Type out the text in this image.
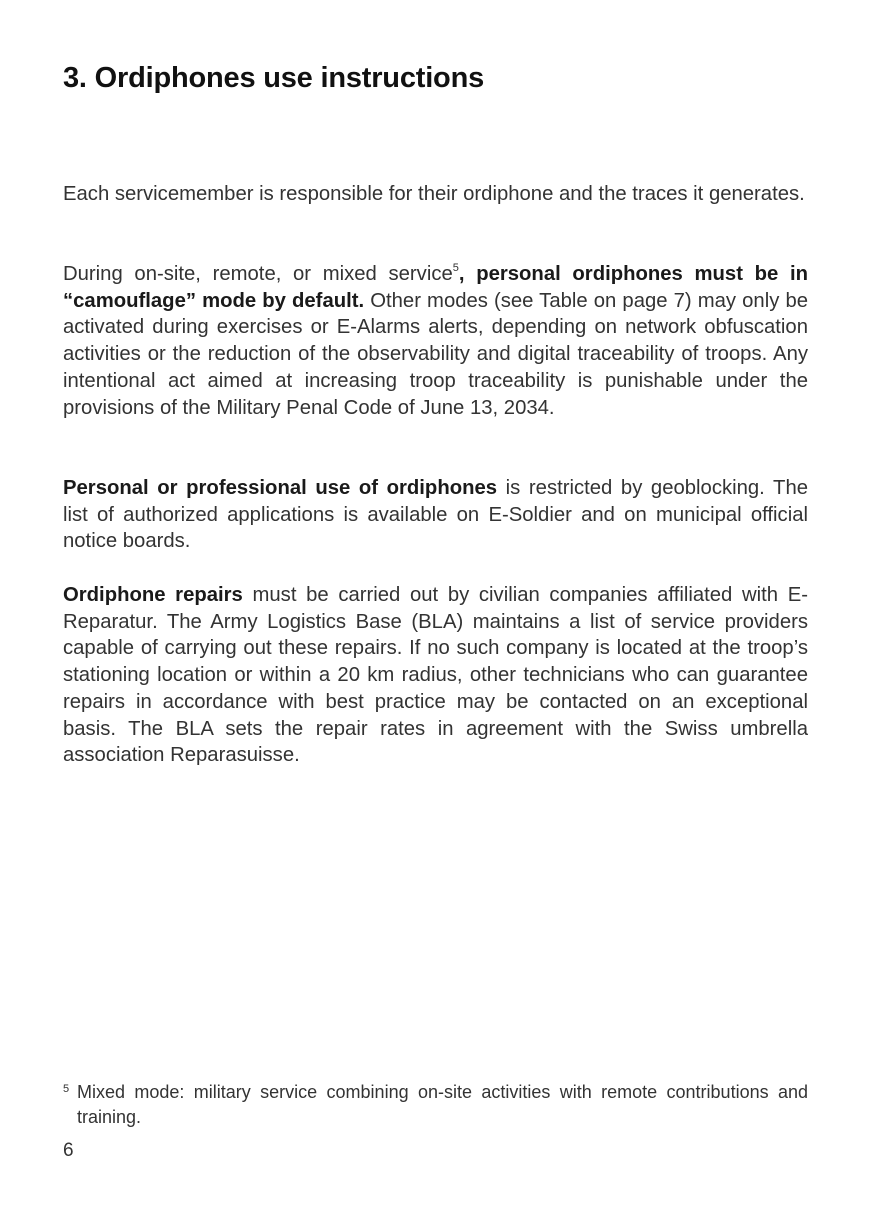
3. Ordiphones use instructions

Each servicemember is responsible for their ordiphone and the traces it generates.

During on-site, remote, or mixed service$^5$, personal ordiphones must be in “camouflage” mode by default. Other modes (see Table on page 7) may only be activated during exercises or E-Alarms alerts, depending on network obfuscation activities or the reduction of the observability and digital traceability of troops. Any intentional act aimed at increasing troop traceability is punishable under the provisions of the Military Penal Code of June 13, 2034.

Personal or professional use of ordiphones is restricted by geoblocking. The list of authorized applications is available on E-Soldier and on municipal official notice boards.

Ordiphone repairs must be carried out by civilian companies affiliated with E-Reparatur. The Army Logistics Base (BLA) maintains a list of service providers capable of carrying out these repairs. If no such company is located at the troop’s stationing location or within a 20 km radius, other technicians who can guarantee repairs in accordance with best practice may be contacted on an exceptional basis. The BLA sets the repair rates in agreement with the Swiss umbrella association Reparasuisse.

5 Mixed mode: military service combining on-site activities with remote contributions and training.

6
